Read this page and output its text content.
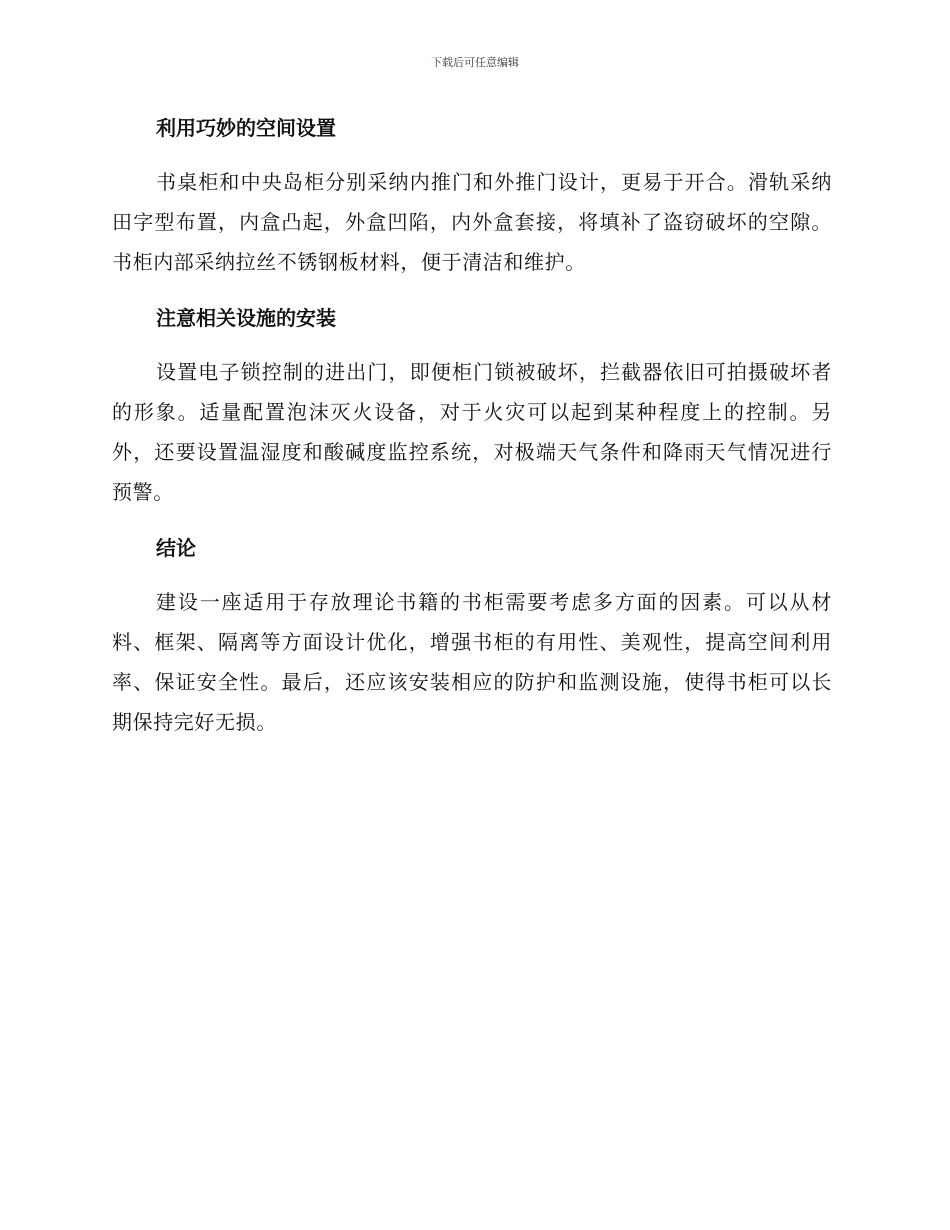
下载后可任意编辑
利用巧妙的空间设置

书桌柜和中央岛柜分别采纳内推门和外推门设计，更易于开合。滑轨采纳田字型布置，内盒凸起，外盒凹陷，内外盒套接，将填补了盗窃破坏的空隙。书柜内部采纳拉丝不锈钢板材料，便于清洁和维护。

注意相关设施的安装

设置电子锁控制的进出门，即便柜门锁被破坏，拦截器依旧可拍摄破坏者的形象。适量配置泡沫灭火设备，对于火灾可以起到某种程度上的控制。另外，还要设置温湿度和酸碱度监控系统，对极端天气条件和降雨天气情况进行预警。

结论

建设一座适用于存放理论书籍的书柜需要考虑多方面的因素。可以从材料、框架、隔离等方面设计优化，增强书柜的有用性、美观性，提高空间利用率、保证安全性。最后，还应该安装相应的防护和监测设施，使得书柜可以长期保持完好无损。
